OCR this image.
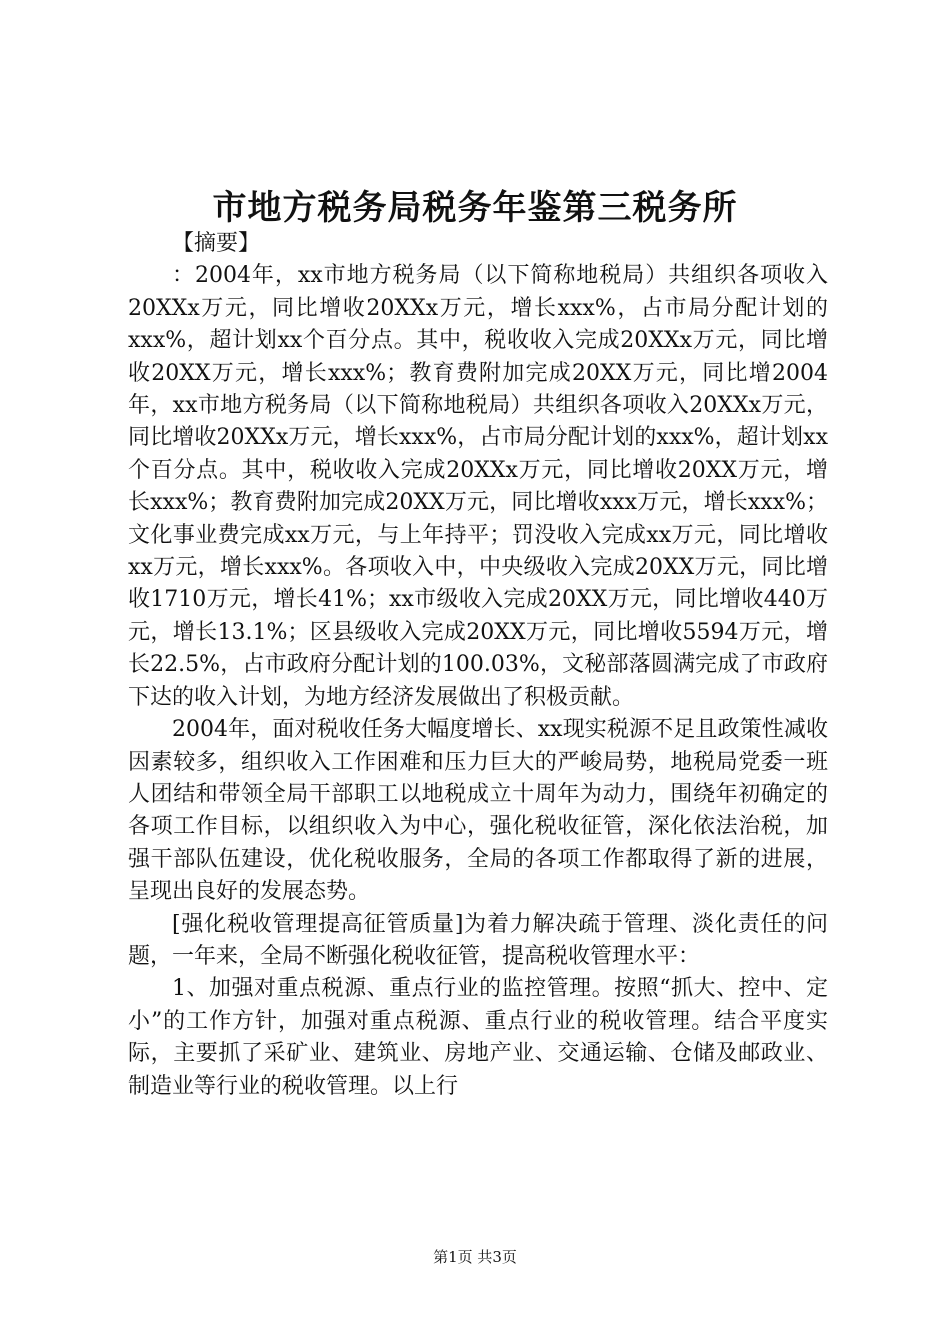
市地方税务局税务年鉴第三税务所

【摘要】

：2004年，xx市地方税务局（以下简称地税局）共组织各项收入20XXx万元，同比增收20XXx万元，增长xxx%，占市局分配计划的xxx%，超计划xx个百分点。其中，税收收入完成20XXx万元，同比增收20XX万元，增长xxx%；教育费附加完成20XX万元，同比增2004年，xx市地方税务局（以下简称地税局）共组织各项收入20XXx万元，同比增收20XXx万元，增长xxx%，占市局分配计划的xxx%，超计划xx个百分点。其中，税收收入完成20XXx万元，同比增收20XX万元，增长xxx%；教育费附加完成20XX万元，同比增收xxx万元，增长xxx%；文化事业费完成xx万元，与上年持平；罚没收入完成xx万元，同比增收xx万元，增长xxx%。各项收入中，中央级收入完成20XX万元，同比增收1710万元，增长41%；xx市级收入完成20XX万元，同比增收440万元，增长13.1%；区县级收入完成20XX万元，同比增收5594万元，增长22.5%，占市政府分配计划的100.03%，文秘部落圆满完成了市政府下达的收入计划，为地方经济发展做出了积极贡献。

2004年，面对税收任务大幅度增长、xx现实税源不足且政策性减收因素较多，组织收入工作困难和压力巨大的严峻局势，地税局党委一班人团结和带领全局干部职工以地税成立十周年为动力，围绕年初确定的各项工作目标，以组织收入为中心，强化税收征管，深化依法治税，加强干部队伍建设，优化税收服务，全局的各项工作都取得了新的进展，呈现出良好的发展态势。

[强化税收管理提高征管质量]为着力解决疏于管理、淡化责任的问题，一年来，全局不断强化税收征管，提高税收管理水平：

1、加强对重点税源、重点行业的监控管理。按照“抓大、控中、定小”的工作方针，加强对重点税源、重点行业的税收管理。结合平度实际，主要抓了采矿业、建筑业、房地产业、交通运输、仓储及邮政业、制造业等行业的税收管理。以上行

第1页 共3页
